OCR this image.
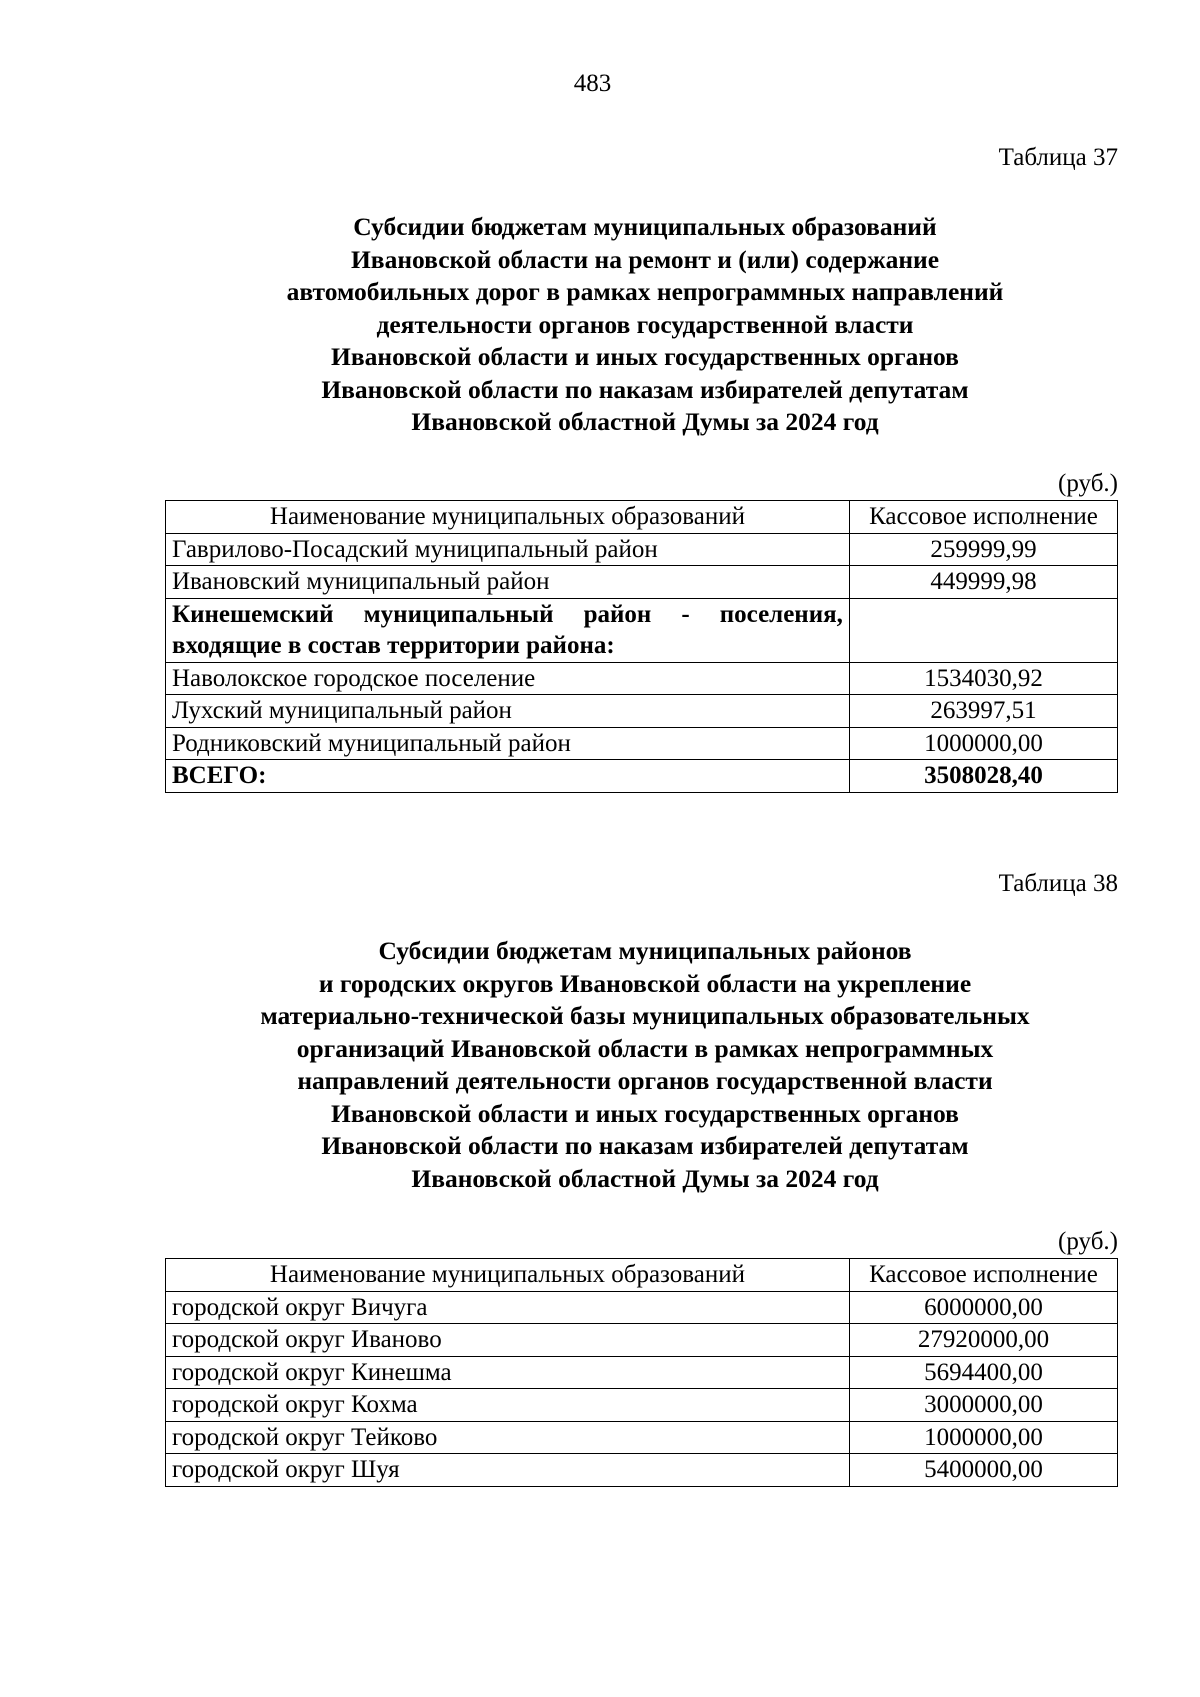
483
Таблица 37
Субсидии бюджетам муниципальных образований
Ивановской области на ремонт и (или) содержание
автомобильных дорог в рамках непрограммных направлений
деятельности органов государственной власти
Ивановской области и иных государственных органов
Ивановской области по наказам избирателей депутатам
Ивановской областной Думы за 2024 год
(руб.)
Наименование муниципальных образований	Кассовое исполнение
Гаврилово-Посадский муниципальный район	259999,99
Ивановский муниципальный район	449999,98
Кинешемский муниципальный район - поселения, входящие в состав территории района:	
Наволокское городское поселение	1534030,92
Лухский муниципальный район	263997,51
Родниковский муниципальный район	1000000,00
ВСЕГО:	3508028,40
Таблица 38
Субсидии бюджетам муниципальных районов
и городских округов Ивановской области на укрепление
материально-технической базы муниципальных образовательных
организаций Ивановской области в рамках непрограммных
направлений деятельности органов государственной власти
Ивановской области и иных государственных органов
Ивановской области по наказам избирателей депутатам
Ивановской областной Думы за 2024 год
(руб.)
Наименование муниципальных образований	Кассовое исполнение
городской округ Вичуга	6000000,00
городской округ Иваново	27920000,00
городской округ Кинешма	5694400,00
городской округ Кохма	3000000,00
городской округ Тейково	1000000,00
городской округ Шуя	5400000,00
